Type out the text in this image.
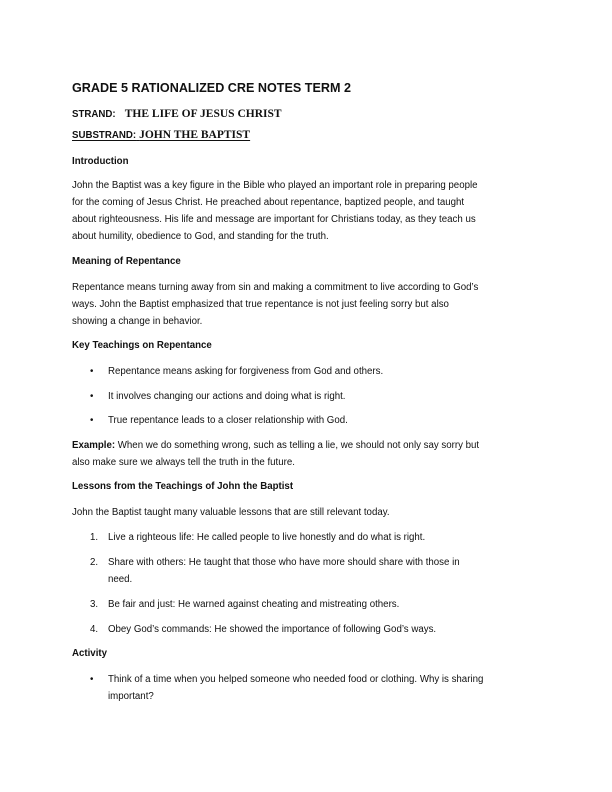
GRADE 5 RATIONALIZED CRE NOTES TERM 2
STRAND: THE LIFE OF JESUS CHRIST
SUBSTRAND: JOHN THE BAPTIST
Introduction
John the Baptist was a key figure in the Bible who played an important role in preparing people
for the coming of Jesus Christ. He preached about repentance, baptized people, and taught
about righteousness. His life and message are important for Christians today, as they teach us
about humility, obedience to God, and standing for the truth.
Meaning of Repentance
Repentance means turning away from sin and making a commitment to live according to God’s
ways. John the Baptist emphasized that true repentance is not just feeling sorry but also
showing a change in behavior.
Key Teachings on Repentance
• Repentance means asking for forgiveness from God and others.
• It involves changing our actions and doing what is right.
• True repentance leads to a closer relationship with God.
Example: When we do something wrong, such as telling a lie, we should not only say sorry but
also make sure we always tell the truth in the future.
Lessons from the Teachings of John the Baptist
John the Baptist taught many valuable lessons that are still relevant today.
1. Live a righteous life: He called people to live honestly and do what is right.
2. Share with others: He taught that those who have more should share with those in
need.
3. Be fair and just: He warned against cheating and mistreating others.
4. Obey God’s commands: He showed the importance of following God’s ways.
Activity
• Think of a time when you helped someone who needed food or clothing. Why is sharing
important?
